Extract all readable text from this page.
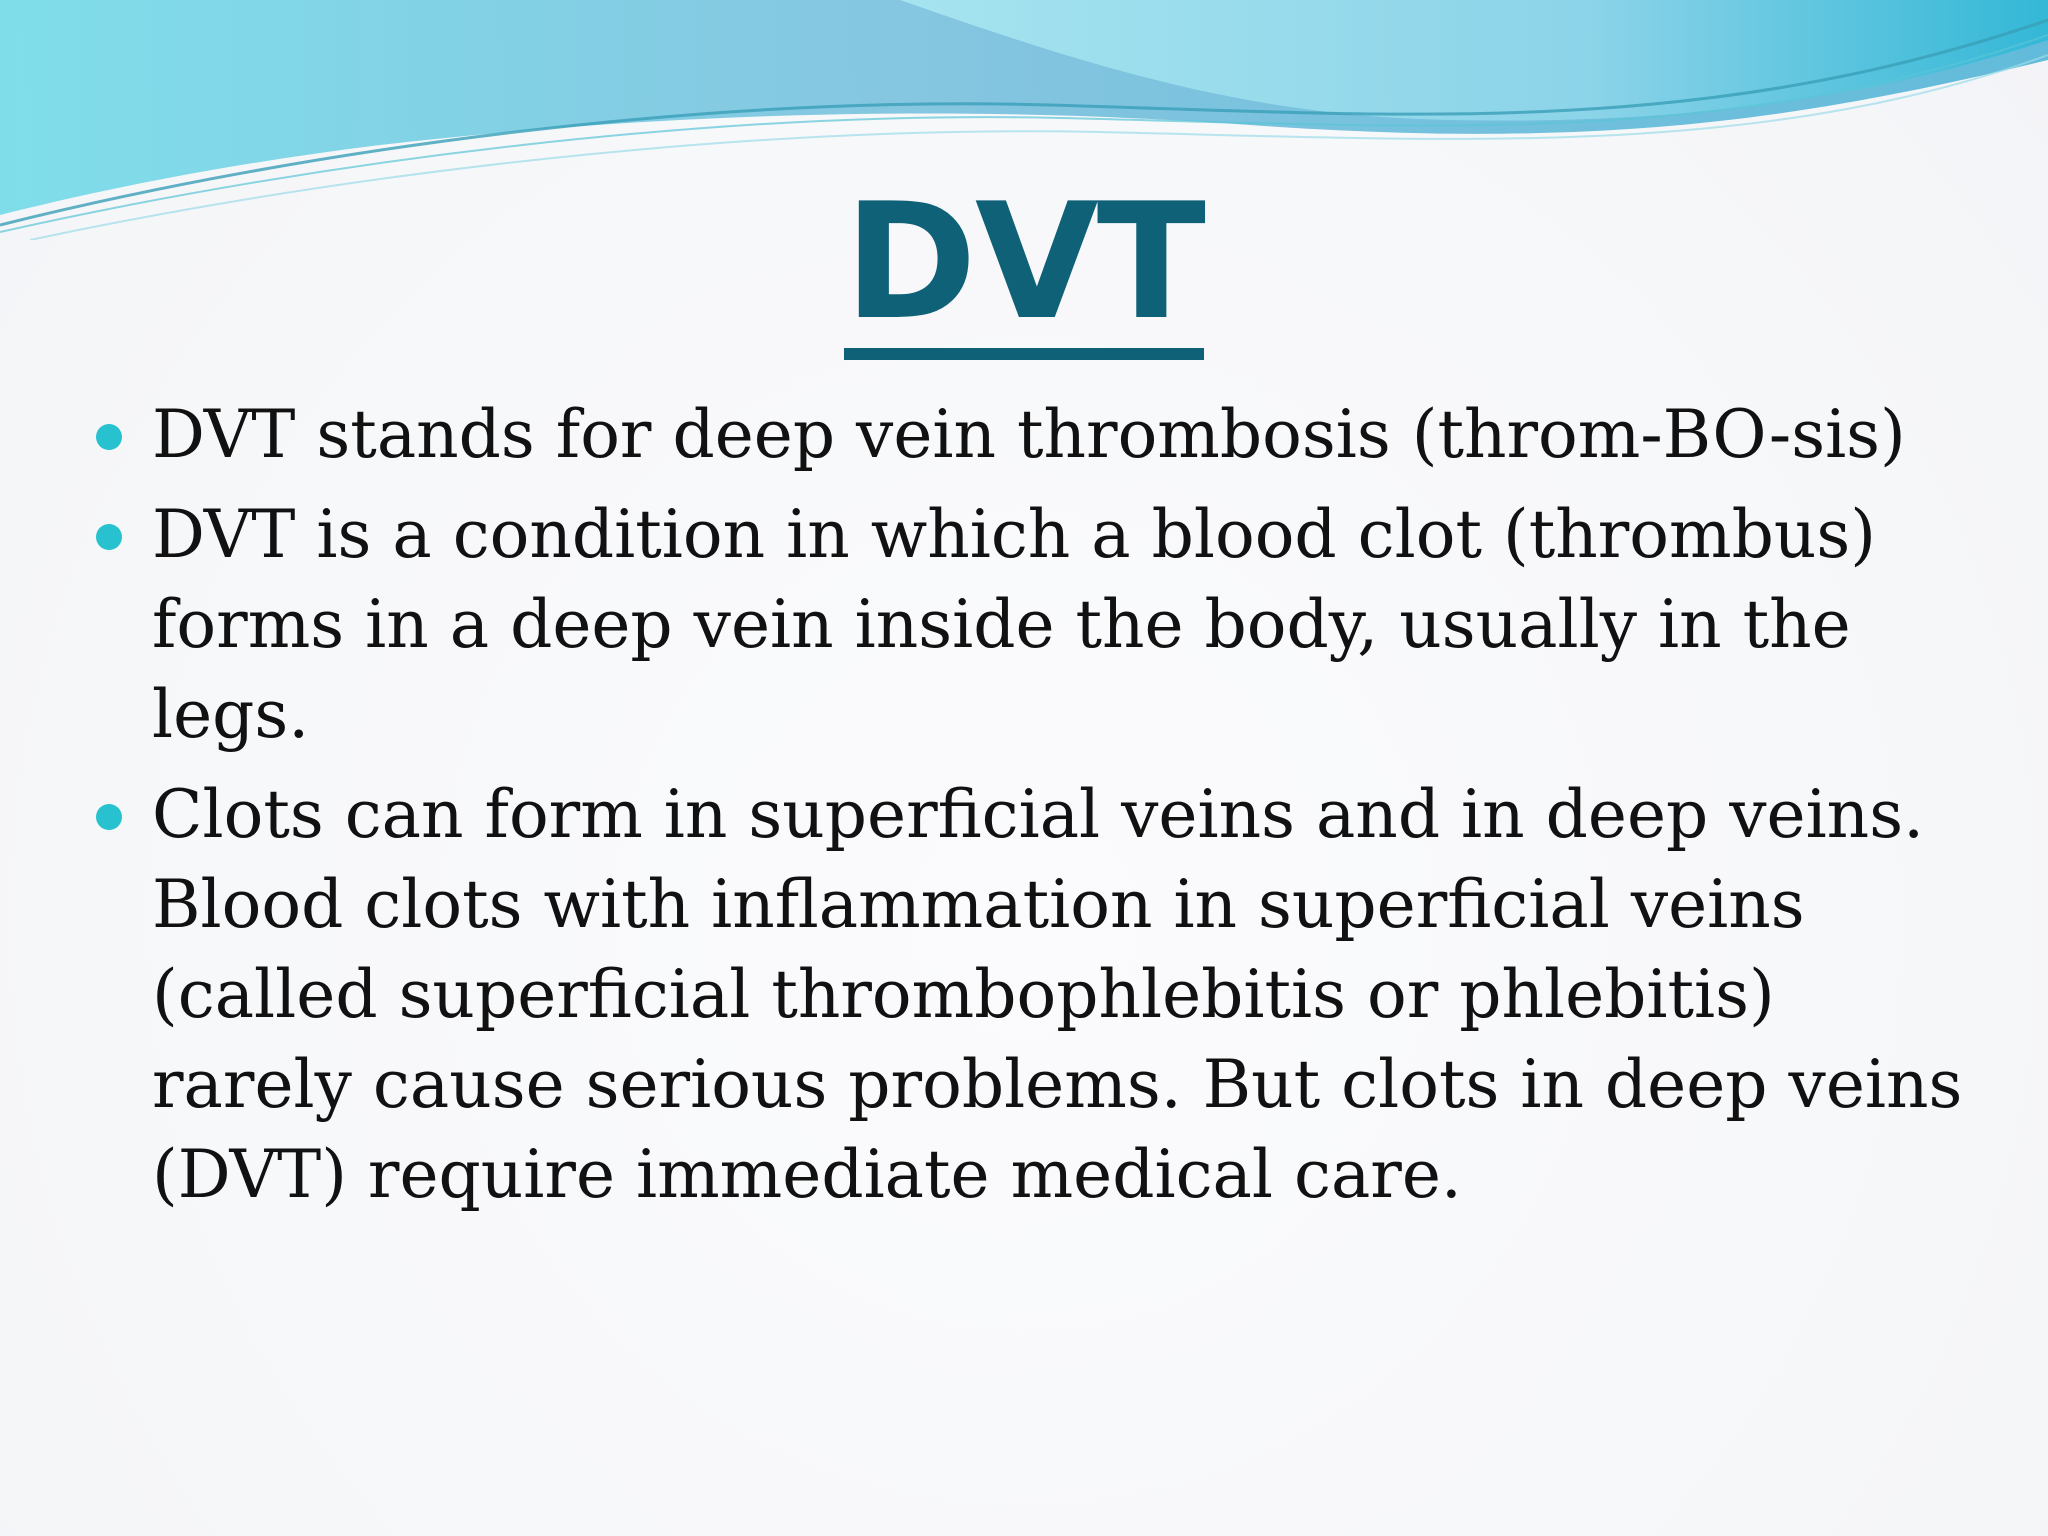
DVT
DVT stands for deep vein thrombosis (throm-BO-sis)
DVT is a condition in which a blood clot (thrombus) forms in a deep vein inside the body, usually in the legs.
Clots can form in superficial veins and in deep veins. Blood clots with inflammation in superficial veins (called superficial thrombophlebitis or phlebitis) rarely cause serious problems. But clots in deep veins (DVT) require immediate medical care.
